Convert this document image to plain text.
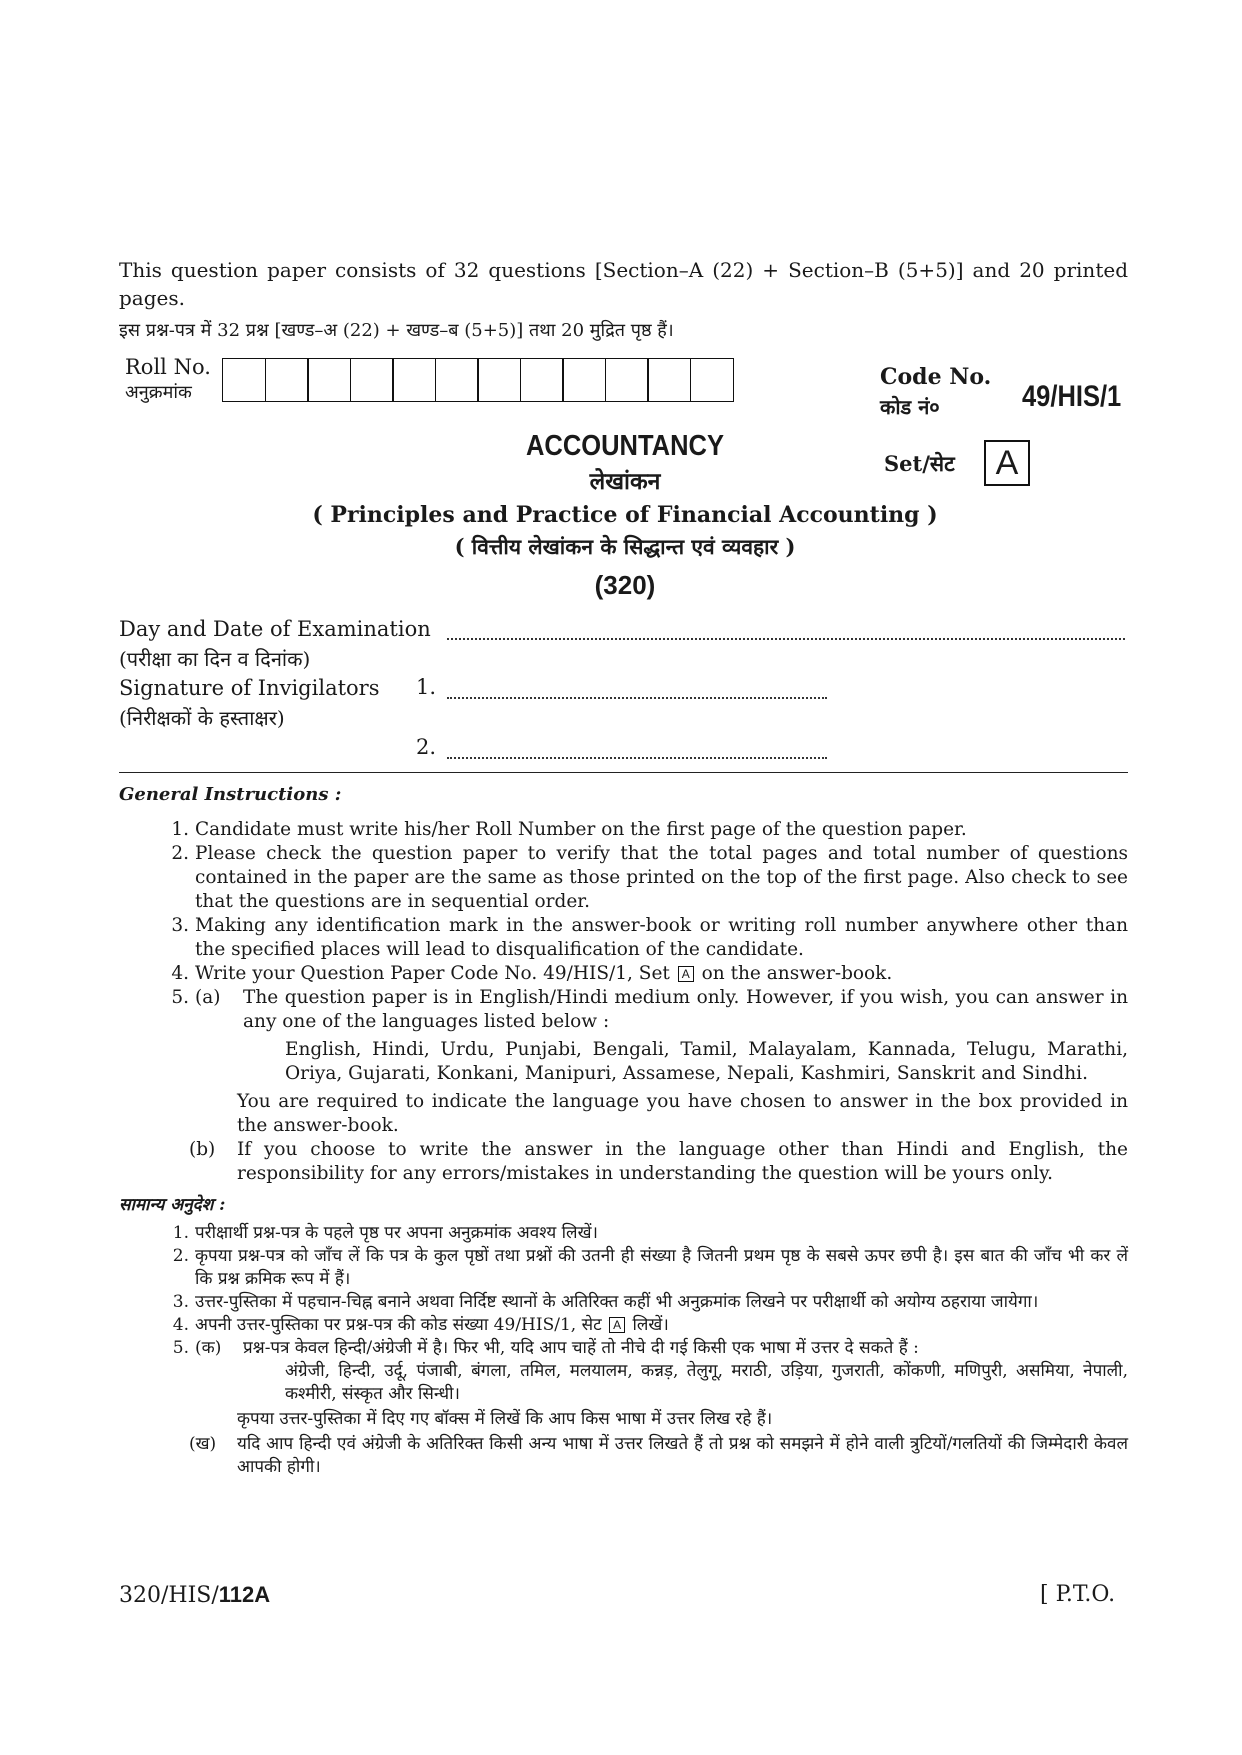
This question paper consists of 32 questions [Section–A (22) + Section–B (5+5)] and 20 printed
pages.
इस प्रश्न-पत्र में 32 प्रश्न [खण्ड–अ (22) + खण्ड–ब (5+5)] तथा 20 मुद्रित पृष्ठ हैं।
Roll No.
अनुक्रमांक
Code No.
कोड नं०	49/HIS/1
Set/सेट	A
ACCOUNTANCY
लेखांकन
( Principles and Practice of Financial Accounting )
( वित्तीय लेखांकन के सिद्धान्त एवं व्यवहार )
(320)
Day and Date of Examination
(परीक्षा का दिन व दिनांक)
Signature of Invigilators
(निरीक्षकों के हस्ताक्षर)
1.
2.
General Instructions :
1. Candidate must write his/her Roll Number on the first page of the question paper.
2. Please check the question paper to verify that the total pages and total number of questions contained in the paper are the same as those printed on the top of the first page. Also check to see that the questions are in sequential order.
3. Making any identification mark in the answer-book or writing roll number anywhere other than the specified places will lead to disqualification of the candidate.
4. Write your Question Paper Code No. 49/HIS/1, Set A on the answer-book.
5. (a)	The question paper is in English/Hindi medium only. However, if you wish, you can answer in any one of the languages listed below :
English, Hindi, Urdu, Punjabi, Bengali, Tamil, Malayalam, Kannada, Telugu, Marathi, Oriya, Gujarati, Konkani, Manipuri, Assamese, Nepali, Kashmiri, Sanskrit and Sindhi.
You are required to indicate the language you have chosen to answer in the box provided in the answer-book.
(b)	If you choose to write the answer in the language other than Hindi and English, the responsibility for any errors/mistakes in understanding the question will be yours only.
सामान्य अनुदेश :
1. परीक्षार्थी प्रश्न-पत्र के पहले पृष्ठ पर अपना अनुक्रमांक अवश्य लिखें।
2. कृपया प्रश्न-पत्र को जाँच लें कि पत्र के कुल पृष्ठों तथा प्रश्नों की उतनी ही संख्या है जितनी प्रथम पृष्ठ के सबसे ऊपर छपी है। इस बात की जाँच भी कर लें कि प्रश्न क्रमिक रूप में हैं।
3. उत्तर-पुस्तिका में पहचान-चिह्न बनाने अथवा निर्दिष्ट स्थानों के अतिरिक्त कहीं भी अनुक्रमांक लिखने पर परीक्षार्थी को अयोग्य ठहराया जायेगा।
4. अपनी उत्तर-पुस्तिका पर प्रश्न-पत्र की कोड संख्या 49/HIS/1, सेट A लिखें।
5. (क)	प्रश्न-पत्र केवल हिन्दी/अंग्रेजी में है। फिर भी, यदि आप चाहें तो नीचे दी गई किसी एक भाषा में उत्तर दे सकते हैं :
अंग्रेजी, हिन्दी, उर्दू, पंजाबी, बंगला, तमिल, मलयालम, कन्नड़, तेलुगू, मराठी, उड़िया, गुजराती, कोंकणी, मणिपुरी, असमिया, नेपाली, कश्मीरी, संस्कृत और सिन्धी।
कृपया उत्तर-पुस्तिका में दिए गए बॉक्स में लिखें कि आप किस भाषा में उत्तर लिख रहे हैं।
(ख)	यदि आप हिन्दी एवं अंग्रेजी के अतिरिक्त किसी अन्य भाषा में उत्तर लिखते हैं तो प्रश्न को समझने में होने वाली त्रुटियों/गलतियों की जिम्मेदारी केवल आपकी होगी।
320/HIS/112A	[ P.T.O.
